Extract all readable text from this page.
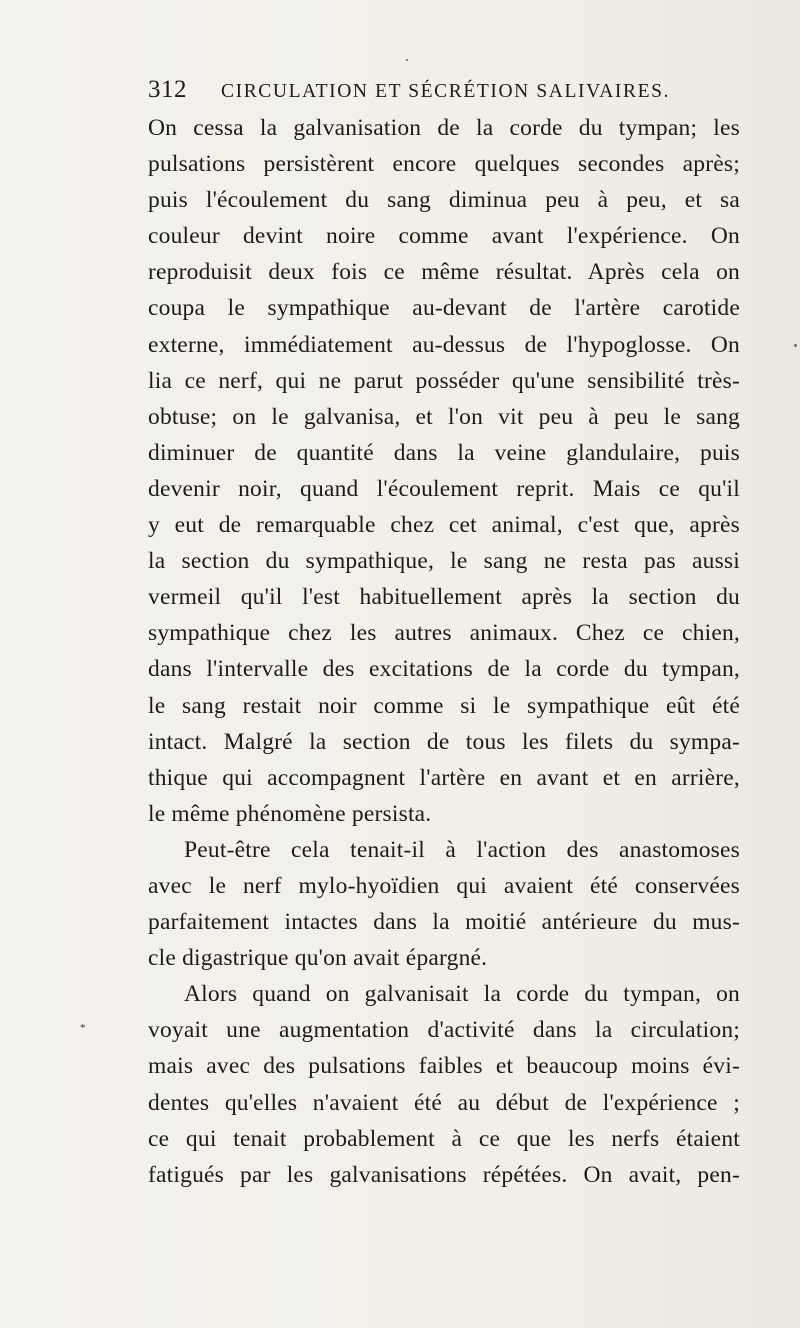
312 CIRCULATION ET SÉCRÉTION SALIVAIRES.
On cessa la galvanisation de la corde du tympan; les
pulsations persistèrent encore quelques secondes après;
puis l'écoulement du sang diminua peu à peu, et sa
couleur devint noire comme avant l'expérience. On
reproduisit deux fois ce même résultat. Après cela on
coupa le sympathique au-devant de l'artère carotide
externe, immédiatement au-dessus de l'hypoglosse. On
lia ce nerf, qui ne parut posséder qu'une sensibilité très-
obtuse; on le galvanisa, et l'on vit peu à peu le sang
diminuer de quantité dans la veine glandulaire, puis
devenir noir, quand l'écoulement reprit. Mais ce qu'il
y eut de remarquable chez cet animal, c'est que, après
la section du sympathique, le sang ne resta pas aussi
vermeil qu'il l'est habituellement après la section du
sympathique chez les autres animaux. Chez ce chien,
dans l'intervalle des excitations de la corde du tympan,
le sang restait noir comme si le sympathique eût été
intact. Malgré la section de tous les filets du sympa-
thique qui accompagnent l'artère en avant et en arrière,
le même phénomène persista.
Peut-être cela tenait-il à l'action des anastomoses
avec le nerf mylo-hyoïdien qui avaient été conservées
parfaitement intactes dans la moitié antérieure du mus-
cle digastrique qu'on avait épargné.
Alors quand on galvanisait la corde du tympan, on
voyait une augmentation d'activité dans la circulation;
mais avec des pulsations faibles et beaucoup moins évi-
dentes qu'elles n'avaient été au début de l'expérience ;
ce qui tenait probablement à ce que les nerfs étaient
fatigués par les galvanisations répétées. On avait, pen-
*
